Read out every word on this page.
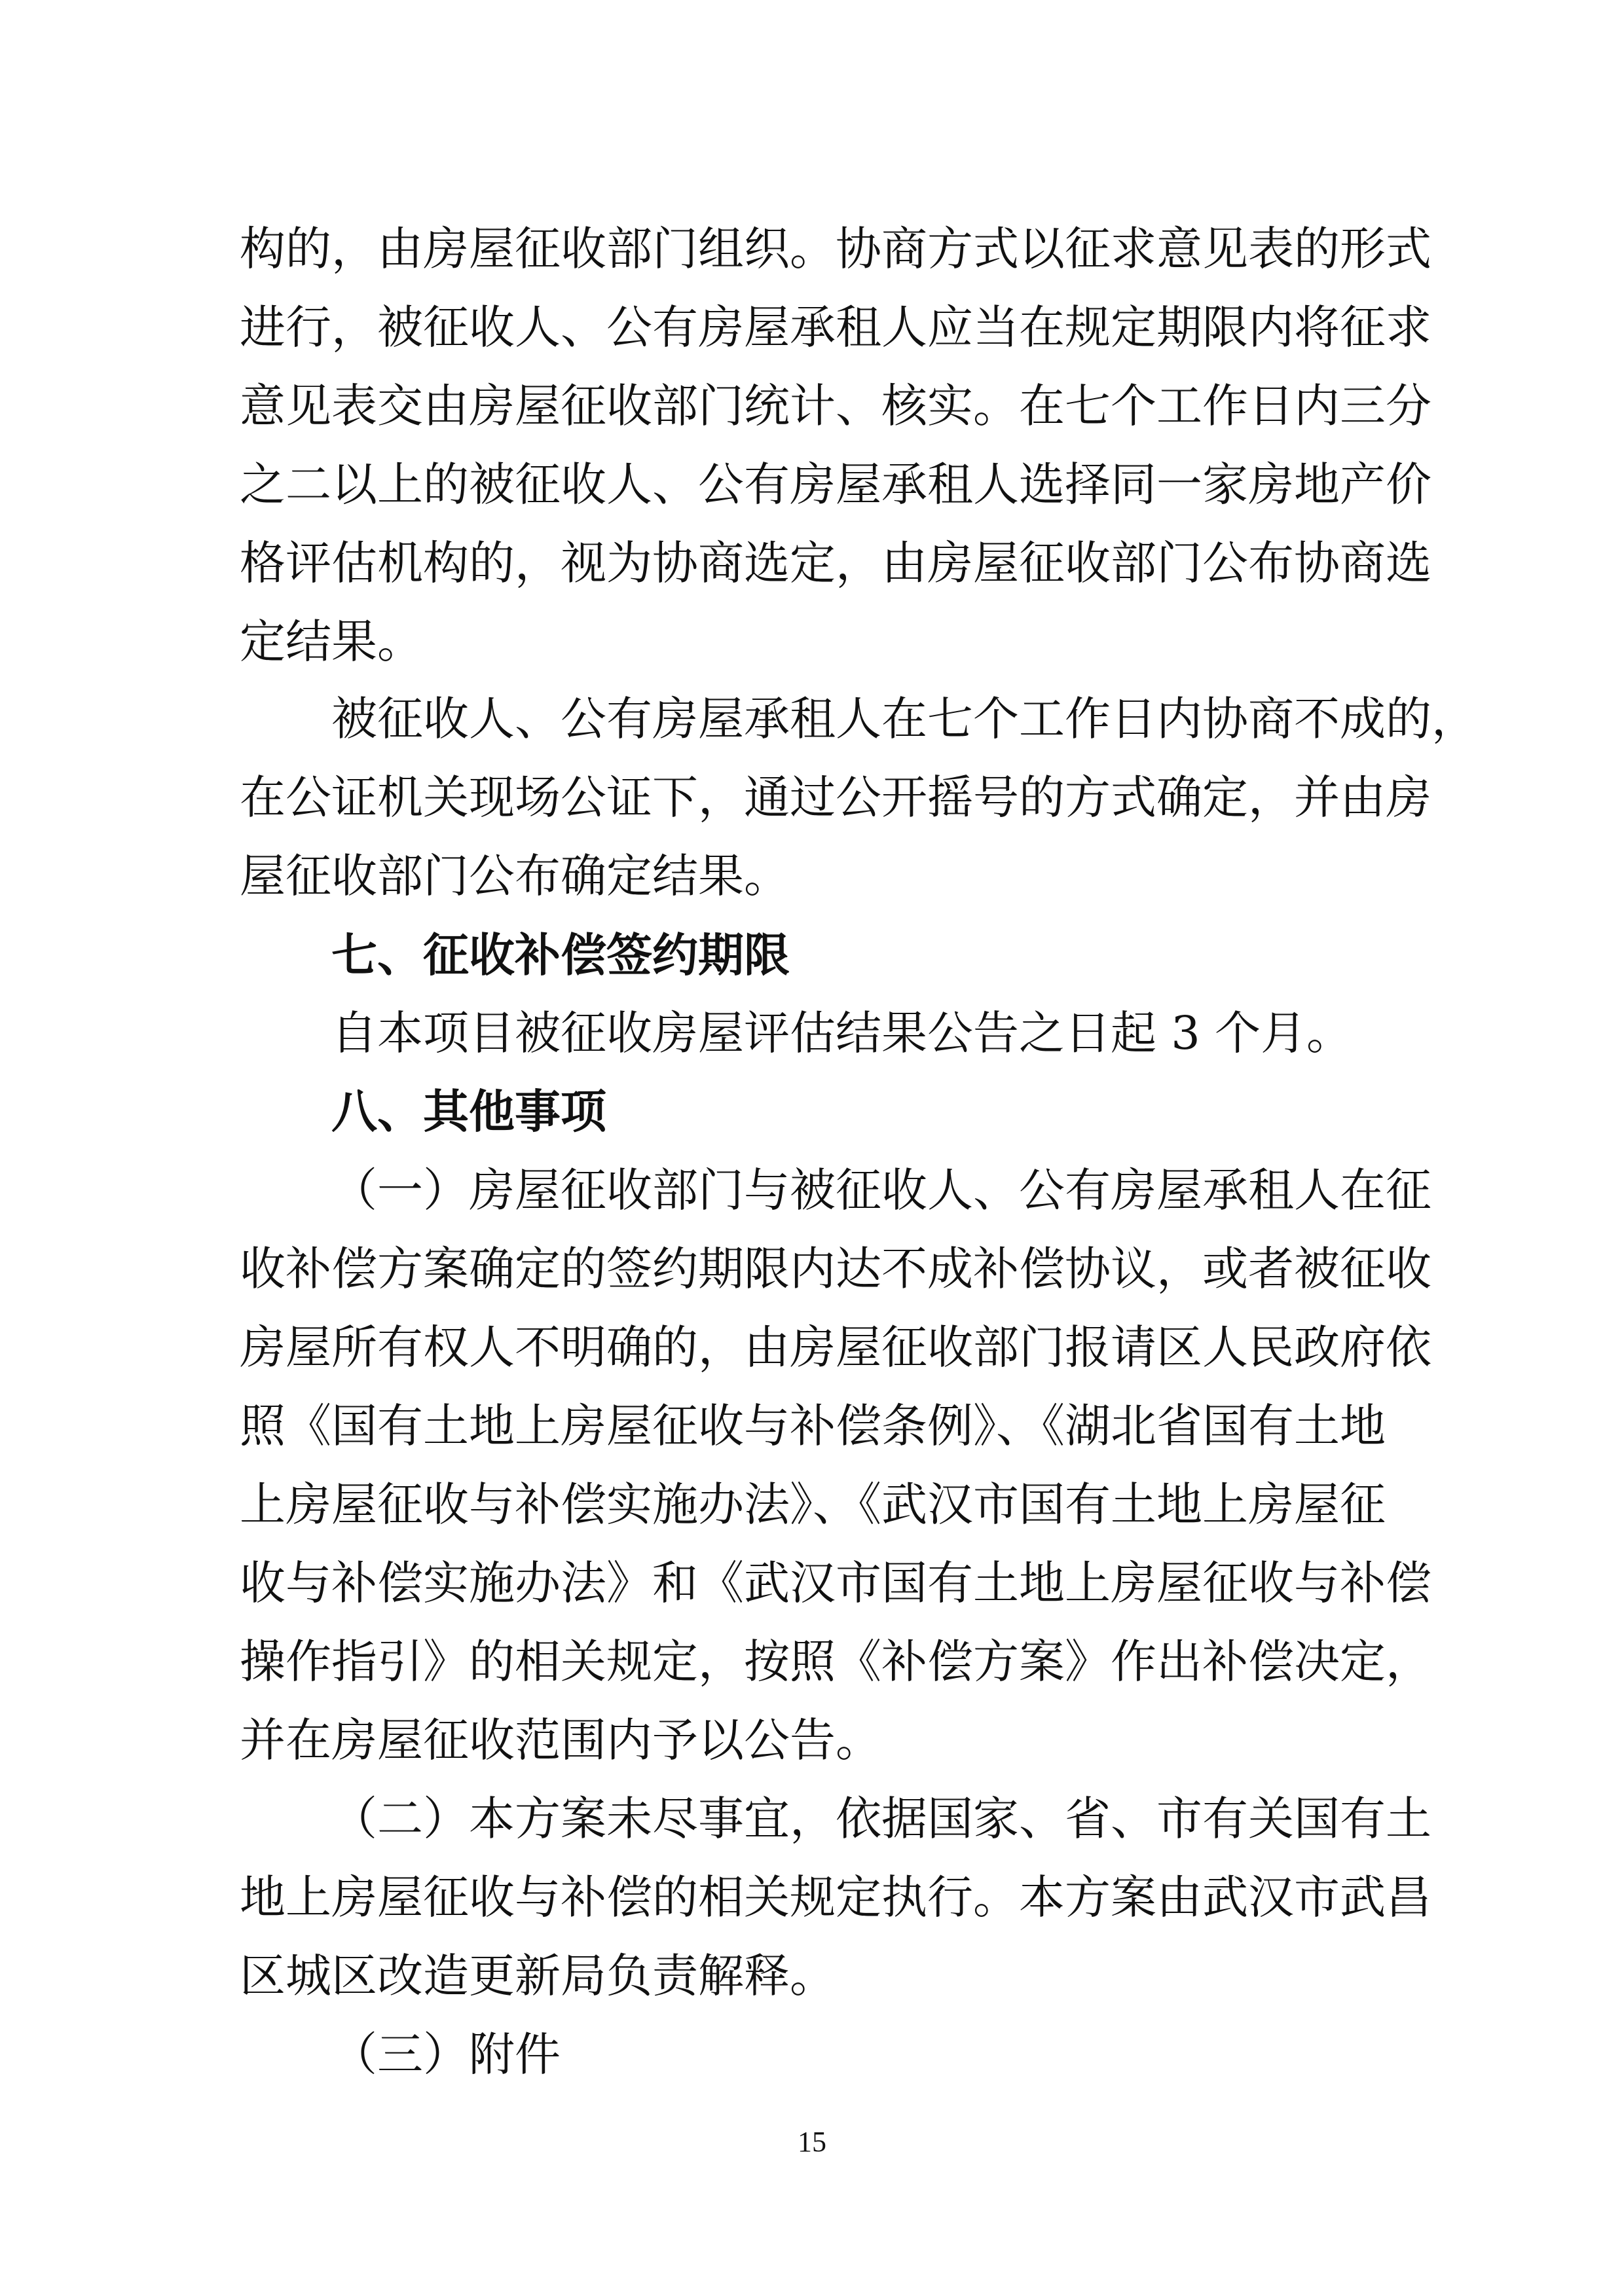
构的，由房屋征收部门组织。协商方式以征求意见表的形式
进行，被征收人、公有房屋承租人应当在规定期限内将征求
意见表交由房屋征收部门统计、核实。在七个工作日内三分
之二以上的被征收人、公有房屋承租人选择同一家房地产价
格评估机构的，视为协商选定，由房屋征收部门公布协商选
定结果。
被征收人、公有房屋承租人在七个工作日内协商不成的，
在公证机关现场公证下，通过公开摇号的方式确定，并由房
屋征收部门公布确定结果。
七、征收补偿签约期限
自本项目被征收房屋评估结果公告之日起 3 个月。
八、其他事项
（一）房屋征收部门与被征收人、公有房屋承租人在征
收补偿方案确定的签约期限内达不成补偿协议，或者被征收
房屋所有权人不明确的，由房屋征收部门报请区人民政府依
照《国有土地上房屋征收与补偿条例》、《湖北省国有土地
上房屋征收与补偿实施办法》、《武汉市国有土地上房屋征
收与补偿实施办法》和《武汉市国有土地上房屋征收与补偿
操作指引》的相关规定，按照《补偿方案》作出补偿决定，
并在房屋征收范围内予以公告。
（二）本方案未尽事宜，依据国家、省、市有关国有土
地上房屋征收与补偿的相关规定执行。本方案由武汉市武昌
区城区改造更新局负责解释。
（三）附件
15
